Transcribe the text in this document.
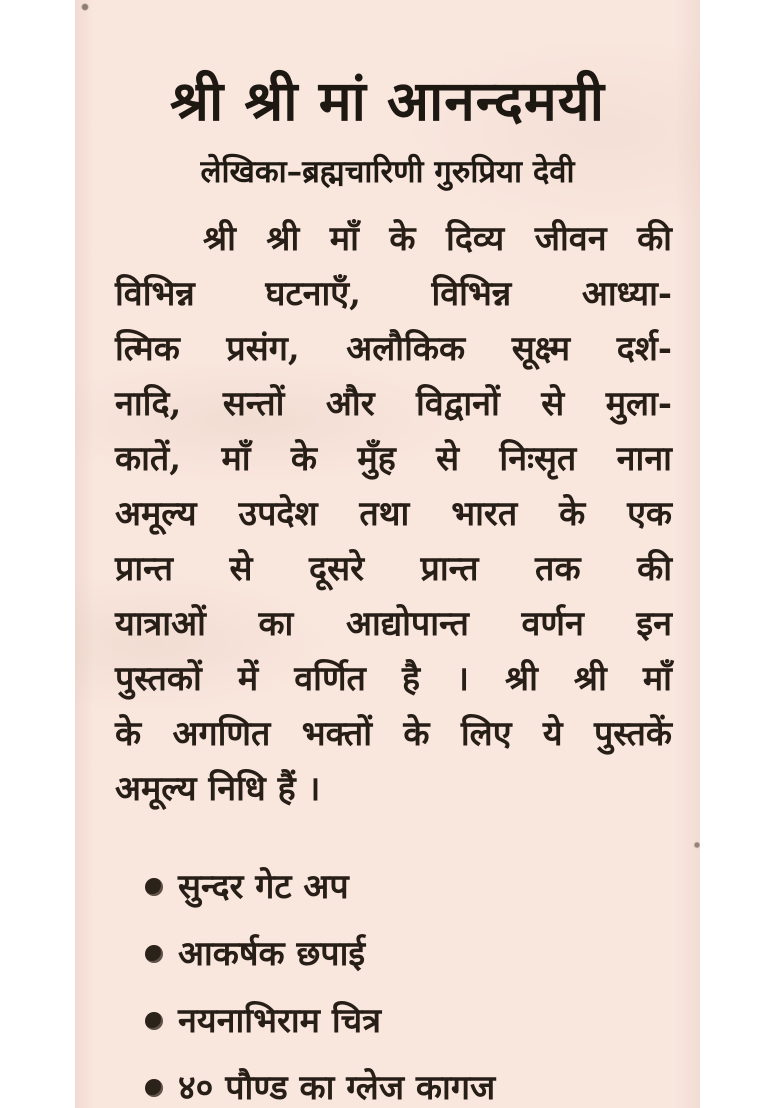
श्री श्री मां आनन्दमयी
लेखिका–ब्रह्मचारिणी गुरुप्रिया देवी
श्री श्री माँ के दिव्य जीवन की
विभिन्न घटनाएँ, विभिन्न आध्या-
त्मिक प्रसंग, अलौकिक सूक्ष्म दर्श-
नादि, सन्तों और विद्वानों से मुला-
कातें, माँ के मुँह से निःसृत नाना
अमूल्य उपदेश तथा भारत के एक
प्रान्त से दूसरे प्रान्त तक की
यात्राओं का आद्योपान्त वर्णन इन
पुस्तकों में वर्णित है । श्री श्री माँ
के अगणित भक्तों के लिए ये पुस्तकें
अमूल्य निधि हैं ।
सुन्दर गेट अप
आकर्षक छपाई
नयनाभिराम चित्र
४० पौण्ड का ग्लेज कागज
